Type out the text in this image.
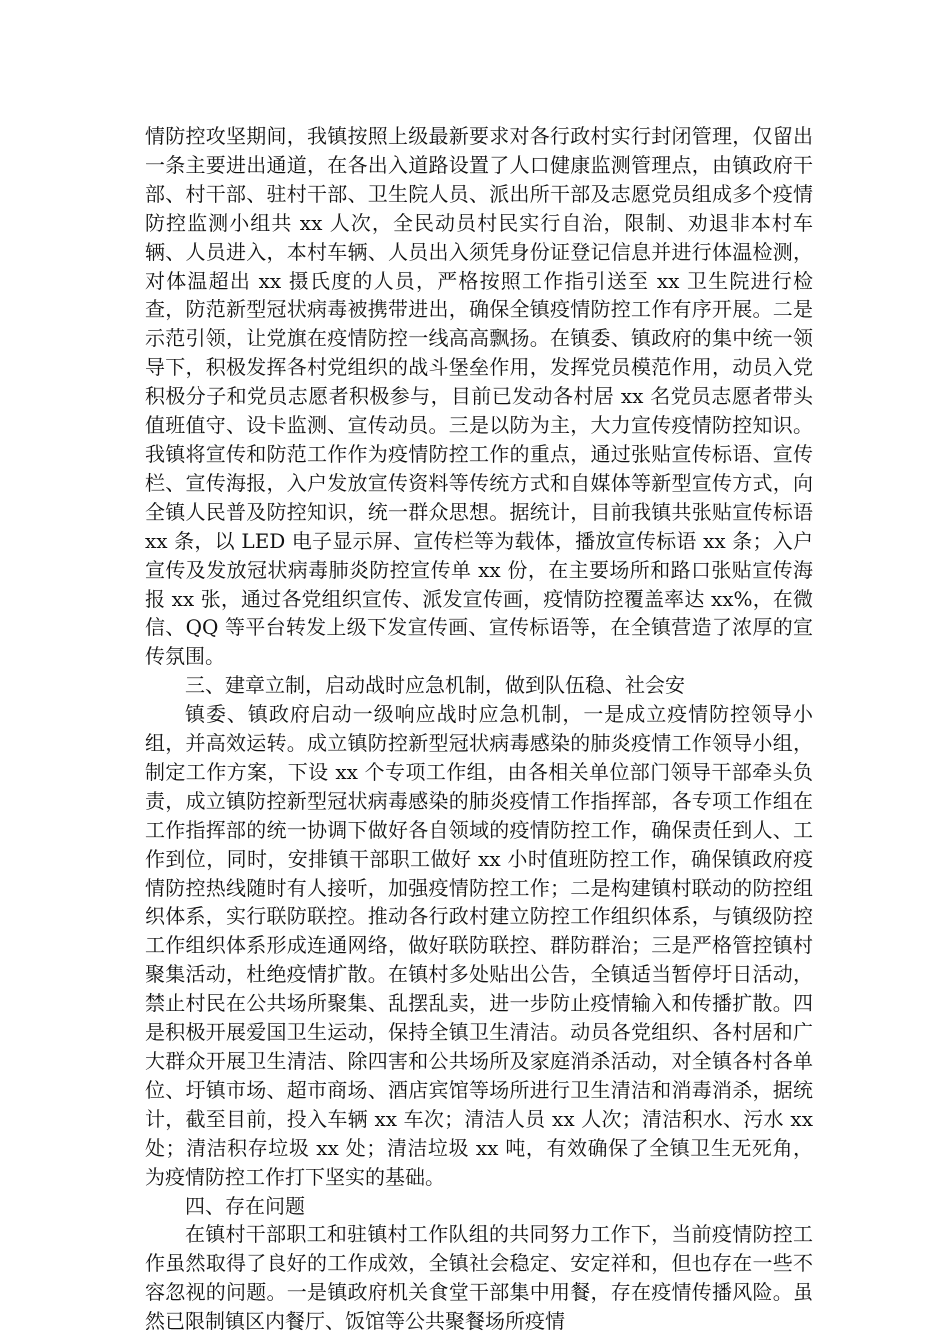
情防控攻坚期间，我镇按照上级最新要求对各行政村实行封闭管理，仅留出一条主要进出通道，在各出入道路设置了人口健康监测管理点，由镇政府干部、村干部、驻村干部、卫生院人员、派出所干部及志愿党员组成多个疫情防控监测小组共 xx 人次，全民动员村民实行自治，限制、劝退非本村车辆、人员进入，本村车辆、人员出入须凭身份证登记信息并进行体温检测，对体温超出 xx 摄氏度的人员，严格按照工作指引送至 xx 卫生院进行检查，防范新型冠状病毒被携带进出，确保全镇疫情防控工作有序开展。二是示范引领，让党旗在疫情防控一线高高飘扬。在镇委、镇政府的集中统一领导下，积极发挥各村党组织的战斗堡垒作用，发挥党员模范作用，动员入党积极分子和党员志愿者积极参与，目前已发动各村居 xx 名党员志愿者带头值班值守、设卡监测、宣传动员。三是以防为主，大力宣传疫情防控知识。我镇将宣传和防范工作作为疫情防控工作的重点，通过张贴宣传标语、宣传栏、宣传海报，入户发放宣传资料等传统方式和自媒体等新型宣传方式，向全镇人民普及防控知识，统一群众思想。据统计，目前我镇共张贴宣传标语 xx 条，以 LED 电子显示屏、宣传栏等为载体，播放宣传标语 xx 条；入户宣传及发放冠状病毒肺炎防控宣传单 xx 份，在主要场所和路口张贴宣传海报 xx 张，通过各党组织宣传、派发宣传画，疫情防控覆盖率达 xx%，在微信、QQ 等平台转发上级下发宣传画、宣传标语等，在全镇营造了浓厚的宣传氛围。

三、建章立制，启动战时应急机制，做到队伍稳、社会安

镇委、镇政府启动一级响应战时应急机制，一是成立疫情防控领导小组，并高效运转。成立镇防控新型冠状病毒感染的肺炎疫情工作领导小组，制定工作方案，下设 xx 个专项工作组，由各相关单位部门领导干部牵头负责，成立镇防控新型冠状病毒感染的肺炎疫情工作指挥部，各专项工作组在工作指挥部的统一协调下做好各自领域的疫情防控工作，确保责任到人、工作到位，同时，安排镇干部职工做好 xx 小时值班防控工作，确保镇政府疫情防控热线随时有人接听，加强疫情防控工作；二是构建镇村联动的防控组织体系，实行联防联控。推动各行政村建立防控工作组织体系，与镇级防控工作组织体系形成连通网络，做好联防联控、群防群治；三是严格管控镇村聚集活动，杜绝疫情扩散。在镇村多处贴出公告，全镇适当暂停圩日活动，禁止村民在公共场所聚集、乱摆乱卖，进一步防止疫情输入和传播扩散。四是积极开展爱国卫生运动，保持全镇卫生清洁。动员各党组织、各村居和广大群众开展卫生清洁、除四害和公共场所及家庭消杀活动，对全镇各村各单位、圩镇市场、超市商场、酒店宾馆等场所进行卫生清洁和消毒消杀，据统计，截至目前，投入车辆 xx 车次；清洁人员 xx 人次；清洁积水、污水 xx 处；清洁积存垃圾 xx 处；清洁垃圾 xx 吨，有效确保了全镇卫生无死角，为疫情防控工作打下坚实的基础。

四、存在问题

在镇村干部职工和驻镇村工作队组的共同努力工作下，当前疫情防控工作虽然取得了良好的工作成效，全镇社会稳定、安定祥和，但也存在一些不容忽视的问题。一是镇政府机关食堂干部集中用餐，存在疫情传播风险。虽然已限制镇区内餐厅、饭馆等公共聚餐场所疫情
